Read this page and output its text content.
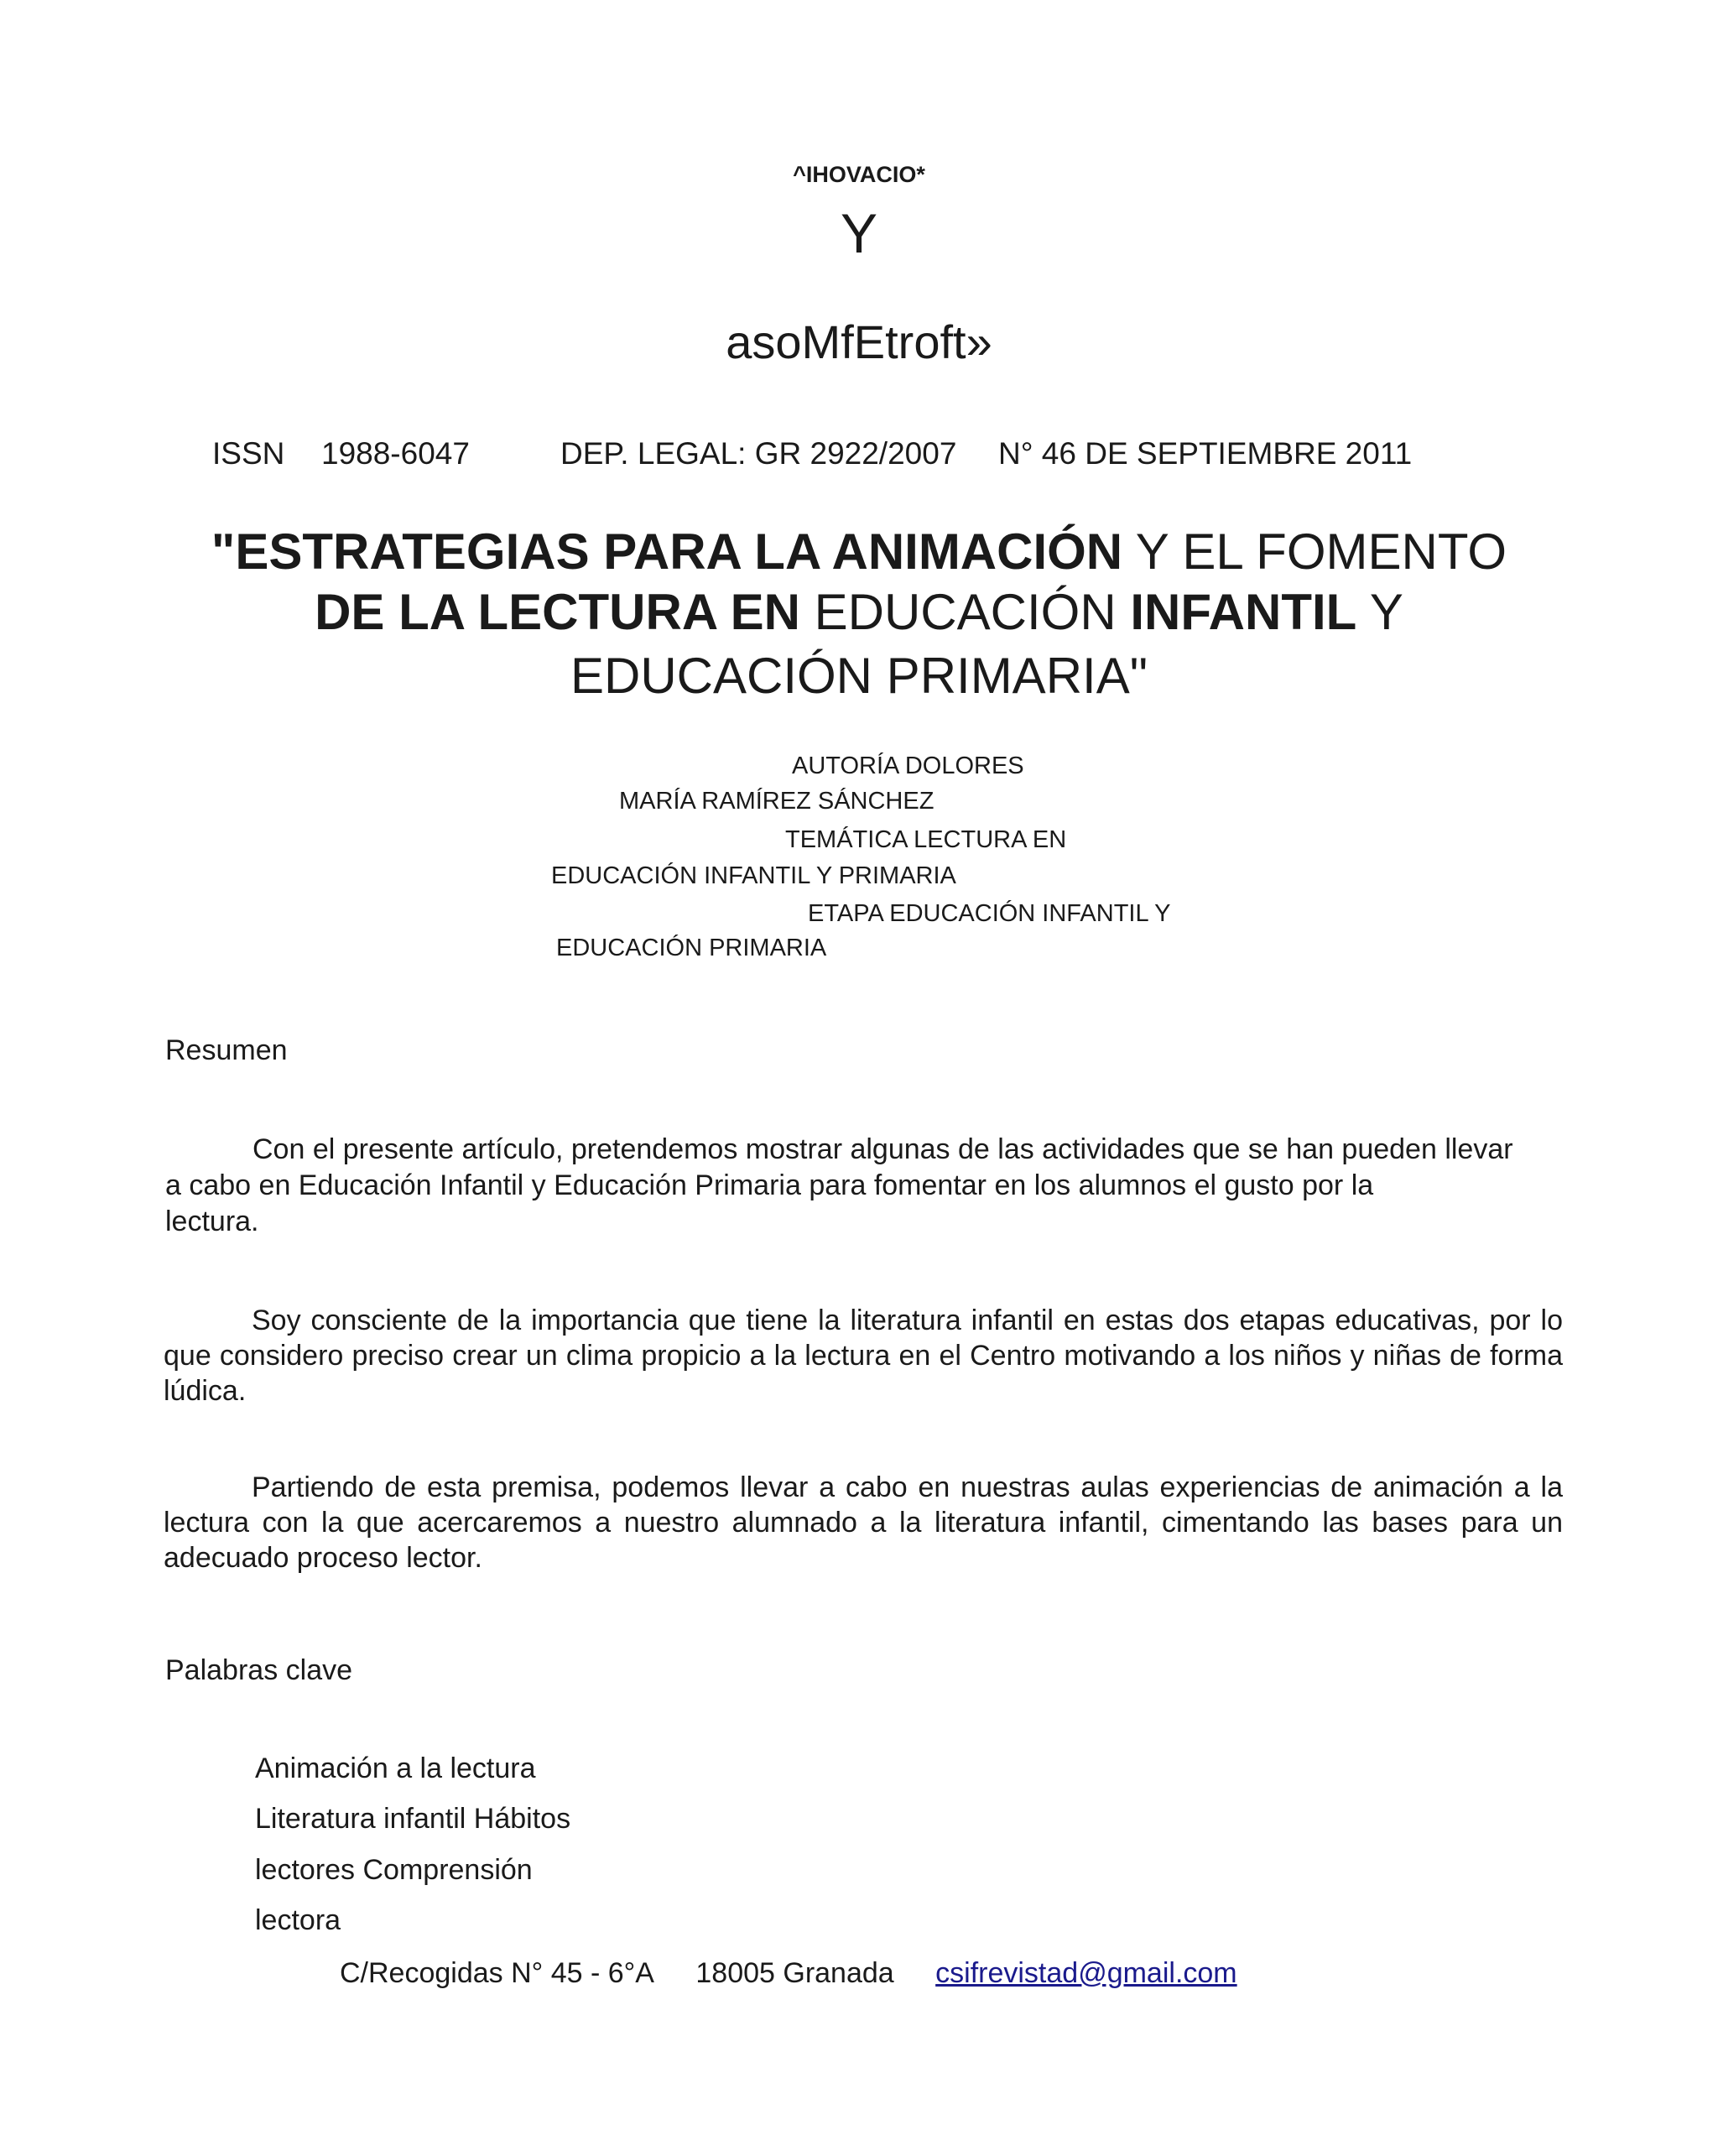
^IHOVACIO*
Y
asoMfEtroft»
ISSN 1988-6047	DEP. LEGAL: GR 2922/2007 N° 46 DE SEPTIEMBRE 2011
"ESTRATEGIAS PARA LA ANIMACIÓN Y EL FOMENTO
DE LA LECTURA EN EDUCACIÓN INFANTIL Y
EDUCACIÓN PRIMARIA"
AUTORÍA DOLORES
MARÍA RAMÍREZ SÁNCHEZ
TEMÁTICA LECTURA EN
EDUCACIÓN INFANTIL Y PRIMARIA
ETAPA EDUCACIÓN INFANTIL Y
EDUCACIÓN PRIMARIA
Resumen
Con el presente artículo, pretendemos mostrar algunas de las actividades que se han pueden llevar
a cabo en Educación Infantil y Educación Primaria para fomentar en los alumnos el gusto por la
lectura.
Soy consciente de la importancia que tiene la literatura infantil en estas dos etapas educativas, por lo que considero preciso crear un clima propicio a la lectura en el Centro motivando a los niños y niñas de forma lúdica.
Partiendo de esta premisa, podemos llevar a cabo en nuestras aulas experiencias de animación a la lectura con la que acercaremos a nuestro alumnado a la literatura infantil, cimentando las bases para un adecuado proceso lector.
Palabras clave
Animación a la lectura
Literatura infantil Hábitos
lectores Comprensión
lectora
C/Recogidas N° 45 - 6°A 18005 Granada csifrevistad@gmail.com
